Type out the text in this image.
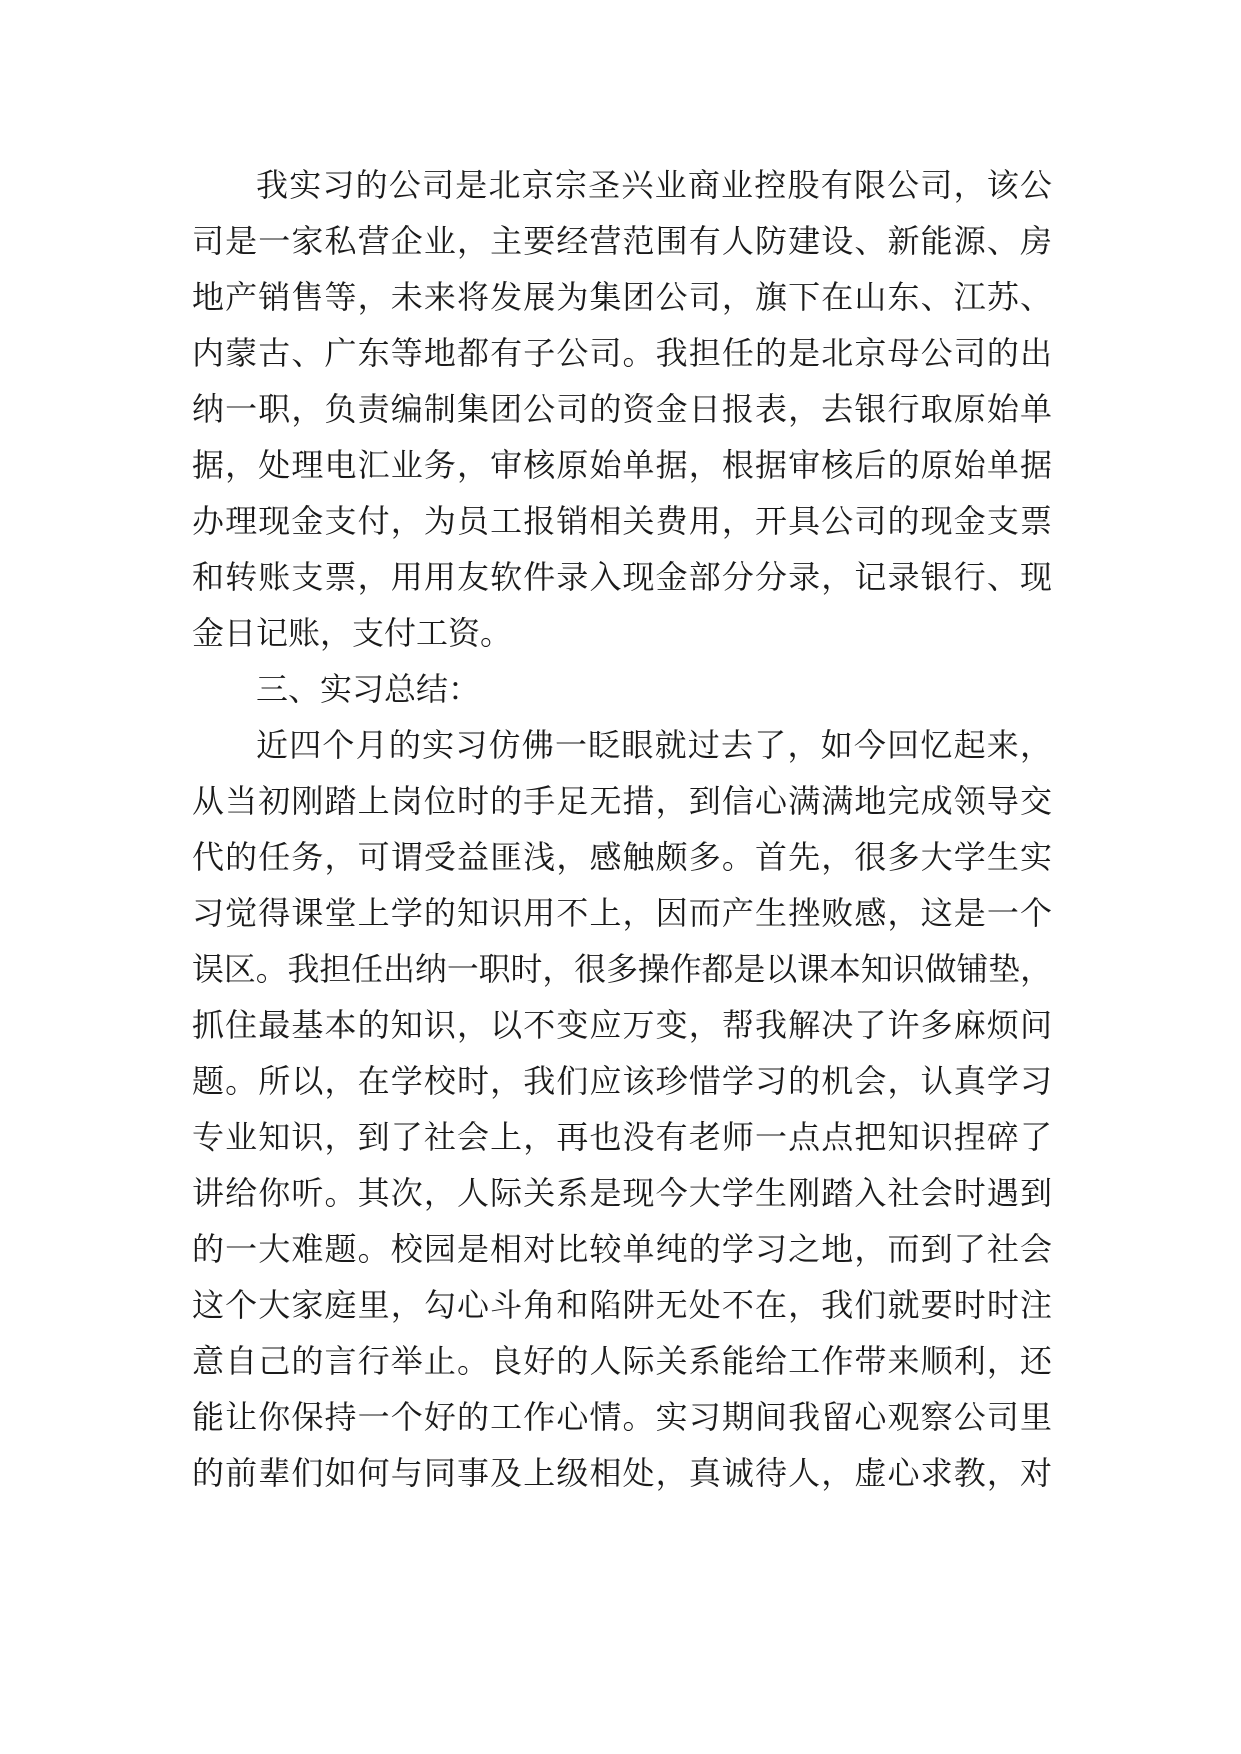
我实习的公司是北京宗圣兴业商业控股有限公司，该公
司是一家私营企业，主要经营范围有人防建设、新能源、房
地产销售等，未来将发展为集团公司，旗下在山东、江苏、
内蒙古、广东等地都有子公司。我担任的是北京母公司的出
纳一职，负责编制集团公司的资金日报表，去银行取原始单
据，处理电汇业务，审核原始单据，根据审核后的原始单据
办理现金支付，为员工报销相关费用，开具公司的现金支票
和转账支票，用用友软件录入现金部分分录，记录银行、现
金日记账，支付工资。
三、实习总结：
近四个月的实习仿佛一眨眼就过去了，如今回忆起来，
从当初刚踏上岗位时的手足无措，到信心满满地完成领导交
代的任务，可谓受益匪浅，感触颇多。首先，很多大学生实
习觉得课堂上学的知识用不上，因而产生挫败感，这是一个
误区。我担任出纳一职时，很多操作都是以课本知识做铺垫，
抓住最基本的知识，以不变应万变，帮我解决了许多麻烦问
题。所以，在学校时，我们应该珍惜学习的机会，认真学习
专业知识，到了社会上，再也没有老师一点点把知识捏碎了
讲给你听。其次，人际关系是现今大学生刚踏入社会时遇到
的一大难题。校园是相对比较单纯的学习之地，而到了社会
这个大家庭里，勾心斗角和陷阱无处不在，我们就要时时注
意自己的言行举止。良好的人际关系能给工作带来顺利，还
能让你保持一个好的工作心情。实习期间我留心观察公司里
的前辈们如何与同事及上级相处，真诚待人，虚心求教，对
